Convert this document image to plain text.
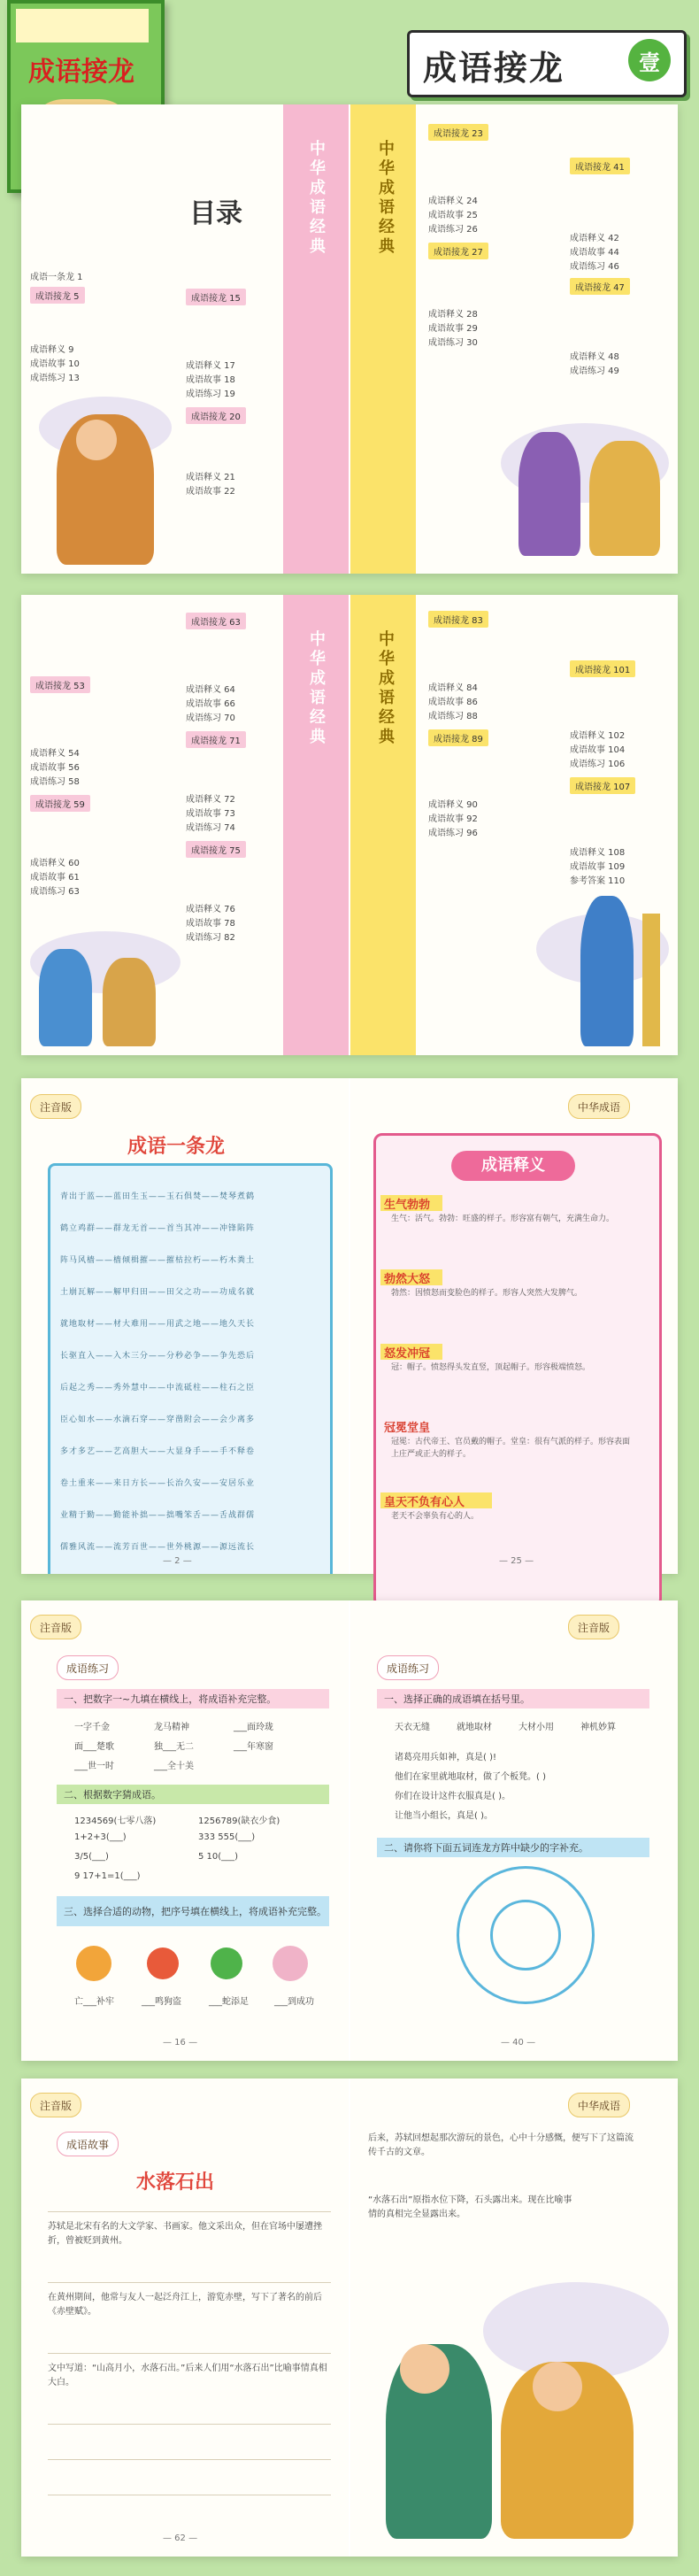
成语接龙	成语接龙	壹
目录
成语一条龙 1
成语接龙 5
成语释义 9
成语故事 10
成语练习 13
成语接龙 15
成语释义 17
成语故事 18
成语练习 19
成语接龙 20
成语释义 21
成语故事 22
中华成语经典	中华成语经典
成语接龙 23
成语释义 24
成语故事 25
成语练习 26
成语接龙 27
成语释义 28
成语故事 29
成语练习 30
成语接龙 41
成语释义 42
成语故事 44
成语练习 46
成语接龙 47
成语释义 48
成语练习 49
成语接龙 53
成语释义 54
成语故事 56
成语练习 58
成语接龙 59
成语释义 60
成语故事 61
成语练习 63
成语接龙 63
成语释义 64
成语故事 66
成语练习 70
成语接龙 71
成语释义 72
成语故事 73
成语练习 74
成语接龙 75
成语释义 76
成语故事 78
成语练习 82
中华成语经典	中华成语经典
成语接龙 83
成语释义 84
成语故事 86
成语练习 88
成语接龙 89
成语释义 90
成语故事 92
成语练习 96
成语接龙 101
成语释义 102
成语故事 104
成语练习 106
成语接龙 107
成语释义 108
成语故事 109
参考答案 110
注音版
成语一条龙
青出于蓝——蓝田生玉——玉石俱焚——焚琴煮鹤
鹤立鸡群——群龙无首——首当其冲——冲锋陷阵
阵马风樯——樯倾楫摧——摧枯拉朽——朽木粪土
土崩瓦解——解甲归田——田父之功——功成名就
就地取材——材大难用——用武之地——地久天长
长驱直入——入木三分——分秒必争——争先恐后
后起之秀——秀外慧中——中流砥柱——柱石之臣
臣心如水——水滴石穿——穿凿附会——会少离多
多才多艺——艺高胆大——大显身手——手不释卷
卷土重来——来日方长——长治久安——安居乐业
业精于勤——勤能补拙——拙嘴笨舌——舌战群儒
儒雅风流——流芳百世——世外桃源——源远流长
— 2 —
中华成语
成语释义
生气勃勃
生气：活气。勃勃：旺盛的样子。形容富有朝气，充满生命力。
勃然大怒
勃然：因愤怒而变脸色的样子。形容人突然大发脾气。
怒发冲冠
冠：帽子。愤怒得头发直竖，顶起帽子。形容极端愤怒。
冠冕堂皇
冠冕：古代帝王、官员戴的帽子。堂皇：很有气派的样子。形容表面上庄严或正大的样子。
皇天不负有心人
老天不会辜负有心的人。
— 25 —
注音版
成语练习
一、把数字一~九填在横线上，将成语补充完整。
一字千金	龙马精神	___面玲珑
面___楚歌	独___无二	___年寒窗
___世一时	___全十美
二、根据数字猜成语。
1234569(七零八落)	1256789(缺衣少食)
1+2+3(___)	333 555(___)
3/5(___)	5 10(___)
9 17+1=1(___)
三、选择合适的动物，把序号填在横线上，将成语补充完整。
亡___补牢	___鸣狗盗	___蛇添足	___到成功
— 16 —
注音版
成语练习
一、选择正确的成语填在括号里。
天衣无缝	就地取材	大材小用	神机妙算
诸葛亮用兵如神，真是( )!
他们在家里就地取材，做了个板凳。( )
你们在设计这件衣服真是( )。
让他当小组长，真是( )。
二、请你将下面五词连龙方阵中缺少的字补充。
— 40 —
注音版
成语故事
水落石出
苏轼是北宋有名的大文学家、书画家。他文采出众，但在官场中屡遭挫折，曾被贬到黄州。
在黄州期间，他常与友人一起泛舟江上，游览赤壁，写下了著名的前后《赤壁赋》。
文中写道：“山高月小，水落石出。”后来人们用“水落石出”比喻事情真相大白。
— 62 —
中华成语
后来，苏轼回想起那次游玩的景色，心中十分感慨，便写下了这篇流传千古的文章。
“水落石出”原指水位下降，石头露出来。现在比喻事情的真相完全显露出来。
